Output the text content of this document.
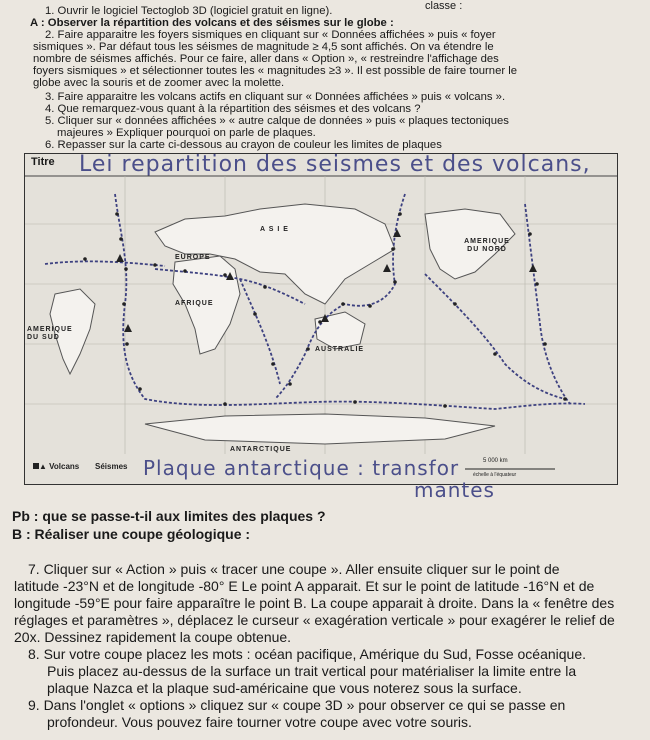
classe :
1. Ouvrir le logiciel Tectoglob 3D (logiciel gratuit en ligne).
A : Observer la répartition des volcans et des séismes sur le globe :
2. Faire apparaitre les foyers sismiques en cliquant sur « Données affichées » puis « foyer
sismiques ». Par défaut tous les séismes de magnitude ≥ 4,5 sont affichés. On va étendre le
nombre de séismes affichés. Pour ce faire, aller dans « Option », « restreindre l'affichage des
foyers sismiques » et sélectionner toutes les « magnitudes ≥3 ». Il est possible de faire tourner le
globe avec la souris et de zoomer avec la molette.
3. Faire apparaitre les volcans actifs en cliquant sur « Données affichées » puis « volcans ».
4. Que remarquez-vous quant à la répartition des séismes et des volcans ?
5. Cliquer sur « données affichées » « autre calque de données » puis « plaques tectoniques
majeures » Expliquer pourquoi on parle de plaques.
6. Repasser sur la carte ci-dessous au crayon de couleur les limites de plaques
Titre Lei repartition des seismes et des volcans,
A S I E
EUROPE
AMERIQUE DU NORD
AFRIQUE
AMERIQUE DU SUD
AUSTRALIE
ANTARCTIQUE
▲ Volcans Séismes
5 000 km
échelle à l'équateur
Plaque antarctique : transfor
mantes
Pb : que se passe-t-il aux limites des plaques ?
B : Réaliser une coupe géologique :
7. Cliquer sur « Action » puis « tracer une coupe ». Aller ensuite cliquer sur le point de
latitude -23°N et de longitude -80° E Le point A apparait. Et sur le point de latitude -16°N et de
longitude -59°E pour faire apparaître le point B. La coupe apparait à droite. Dans la « fenêtre des
réglages et paramètres », déplacez le curseur « exagération verticale » pour exagérer le relief de
20x. Dessinez rapidement la coupe obtenue.
8. Sur votre coupe placez les mots : océan pacifique, Amérique du Sud, Fosse océanique.
Puis placez au-dessus de la surface un trait vertical pour matérialiser la limite entre la
plaque Nazca et la plaque sud-américaine que vous noterez sous la surface.
9. Dans l'onglet « options » cliquez sur « coupe 3D » pour observer ce qui se passe en
profondeur. Vous pouvez faire tourner votre coupe avec votre souris.
